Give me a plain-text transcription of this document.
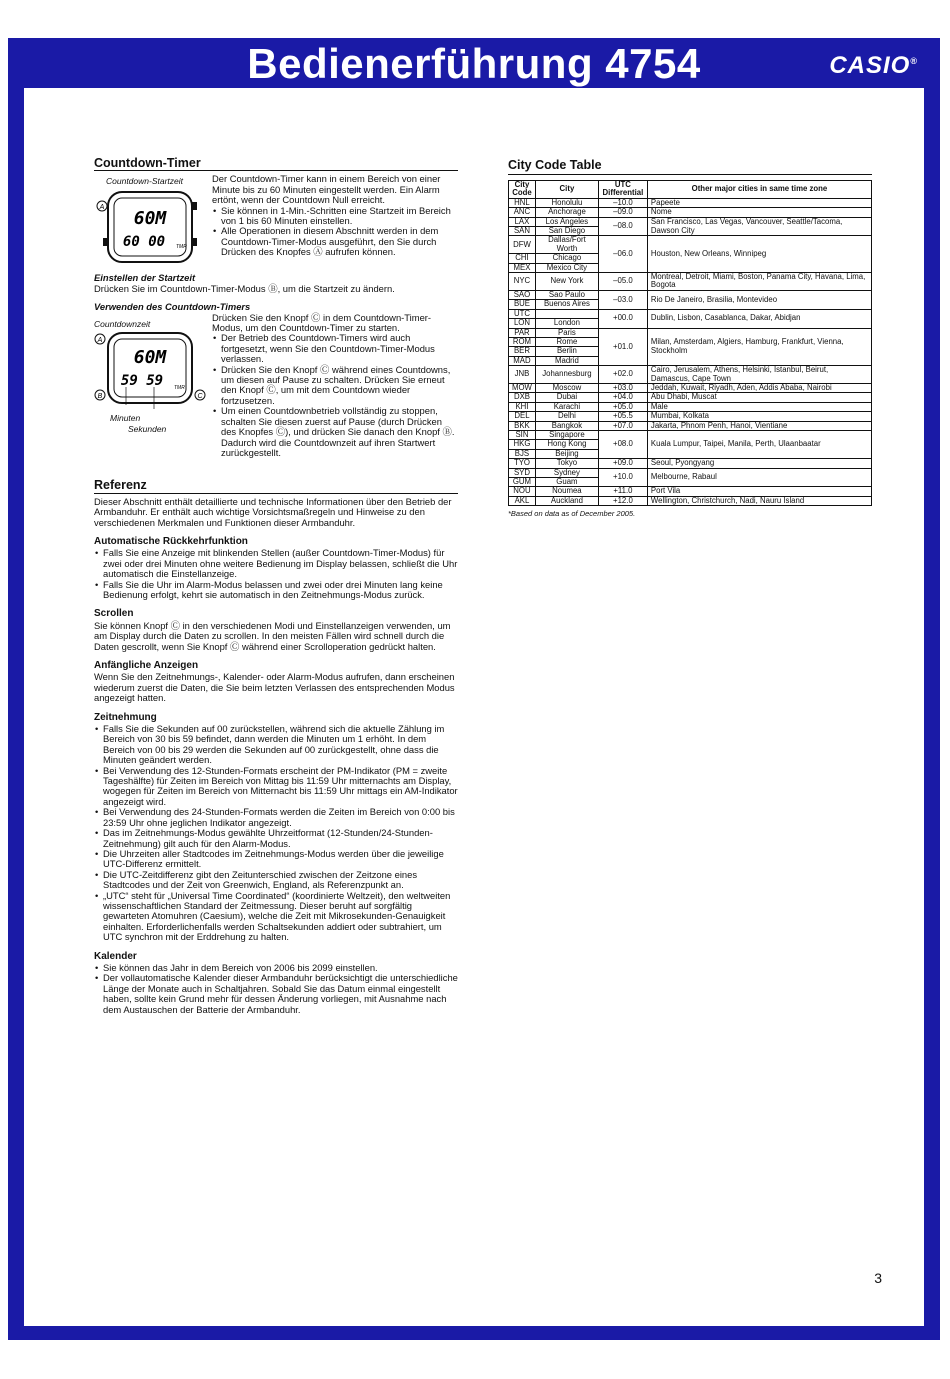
Bedienerführung 4754	CASIO®
Countdown-Timer
Countdown-Startzeit
A
60M
60 00 TMR

Der Countdown-Timer kann in einem Bereich von einer Minute bis zu 60 Minuten eingestellt werden. Ein Alarm ertönt, wenn der Countdown Null erreicht.

• Sie können in 1-Min.-Schritten eine Startzeit im Bereich von 1 bis 60 Minuten einstellen.
• Alle Operationen in diesem Abschnitt werden in dem Countdown-Timer-Modus ausgeführt, den Sie durch Drücken des Knopfes Ⓐ aufrufen können.
Einstellen der Startzeit

Drücken Sie im Countdown-Timer-Modus Ⓑ, um die Startzeit zu ändern.

Verwenden des Countdown-Timers
Countdownzeit
A
B	C
60M
59 59 TMR
Minuten
Sekunden

Drücken Sie den Knopf Ⓒ in dem Countdown-Timer-Modus, um den Countdown-Timer zu starten.

• Der Betrieb des Countdown-Timers wird auch fortgesetzt, wenn Sie den Countdown-Timer-Modus verlassen.
• Drücken Sie den Knopf Ⓒ während eines Countdowns, um diesen auf Pause zu schalten. Drücken Sie erneut den Knopf Ⓒ, um mit dem Countdown wieder fortzusetzen.
• Um einen Countdownbetrieb vollständig zu stoppen, schalten Sie diesen zuerst auf Pause (durch Drücken des Knopfes Ⓒ), und drücken Sie danach den Knopf Ⓑ. Dadurch wird die Countdownzeit auf ihren Startwert zurückgestellt.
Referenz

Dieser Abschnitt enthält detaillierte und technische Informationen über den Betrieb der Armbanduhr. Er enthält auch wichtige Vorsichtsmaßregeln und Hinweise zu den verschiedenen Merkmalen und Funktionen dieser Armbanduhr.

Automatische Rückkehrfunktion
• Falls Sie eine Anzeige mit blinkenden Stellen (außer Countdown-Timer-Modus) für zwei oder drei Minuten ohne weitere Bedienung im Display belassen, schließt die Uhr automatisch die Einstellanzeige.
• Falls Sie die Uhr im Alarm-Modus belassen und zwei oder drei Minuten lang keine Bedienung erfolgt, kehrt sie automatisch in den Zeitnehmungs-Modus zurück.
Scrollen

Sie können Knopf Ⓒ in den verschiedenen Modi und Einstellanzeigen verwenden, um am Display durch die Daten zu scrollen. In den meisten Fällen wird schnell durch die Daten gescrollt, wenn Sie Knopf Ⓒ während einer Scrolloperation gedrückt halten.

Anfängliche Anzeigen

Wenn Sie den Zeitnehmungs-, Kalender- oder Alarm-Modus aufrufen, dann erscheinen wiederum zuerst die Daten, die Sie beim letzten Verlassen des entsprechenden Modus angezeigt hatten.

Zeitnehmung
• Falls Sie die Sekunden auf 00 zurückstellen, während sich die aktuelle Zählung im Bereich von 30 bis 59 befindet, dann werden die Minuten um 1 erhöht. In dem Bereich von 00 bis 29 werden die Sekunden auf 00 zurückgestellt, ohne dass die Minuten geändert werden.
• Bei Verwendung des 12-Stunden-Formats erscheint der PM-Indikator (PM = zweite Tageshälfte) für Zeiten im Bereich von Mittag bis 11:59 Uhr mitternachts am Display, wogegen für Zeiten im Bereich von Mitternacht bis 11:59 Uhr mittags ein AM-Indikator angezeigt wird.
• Bei Verwendung des 24-Stunden-Formats werden die Zeiten im Bereich von 0:00 bis 23:59 Uhr ohne jeglichen Indikator angezeigt.
• Das im Zeitnehmungs-Modus gewählte Uhrzeitformat (12-Stunden/24-Stunden-Zeitnehmung) gilt auch für den Alarm-Modus.
• Die Uhrzeiten aller Stadtcodes im Zeitnehmungs-Modus werden über die jeweilige UTC-Differenz ermittelt.
• Die UTC-Zeitdifferenz gibt den Zeitunterschied zwischen der Zeitzone eines Stadtcodes und der Zeit von Greenwich, England, als Referenzpunkt an.
• „UTC“ steht für „Universal Time Coordinated“ (koordinierte Weltzeit), den weltweiten wissenschaftlichen Standard der Zeitmessung. Dieser beruht auf sorgfältig gewarteten Atomuhren (Caesium), welche die Zeit mit Mikrosekunden-Genauigkeit einhalten. Erforderlichenfalls werden Schaltsekunden addiert oder subtrahiert, um UTC synchron mit der Erddrehung zu halten.
Kalender
• Sie können das Jahr in dem Bereich von 2006 bis 2099 einstellen.
• Der vollautomatische Kalender dieser Armbanduhr berücksichtigt die unterschiedliche Länge der Monate auch in Schaltjahren. Sobald Sie das Datum einmal eingestellt haben, sollte kein Grund mehr für dessen Änderung vorliegen, mit Ausnahme nach dem Austauschen der Batterie der Armbanduhr.
City Code Table
City Code	City	UTC Differential	Other major cities in same time zone
HNL	Honolulu	–10.0	Papeete
ANC	Anchorage	–09.0	Nome
LAX	Los Angeles	–08.0	San Francisco, Las Vegas, Vancouver, Seattle/Tacoma, Dawson City
SAN	San Diego		
DFW	Dallas/Fort Worth	–06.0	Houston, New Orleans, Winnipeg
CHI	Chicago		
MEX	Mexico City		
NYC	New York	–05.0	Montreal, Detroit, Miami, Boston, Panama City, Havana, Lima, Bogota
SAO	Sao Paulo	–03.0	Rio De Janeiro, Brasilia, Montevideo
BUE	Buenos Aires		
UTC		+00.0	Dublin, Lisbon, Casablanca, Dakar, Abidjan
LON	London		
PAR	Paris	+01.0	Milan, Amsterdam, Algiers, Hamburg, Frankfurt, Vienna, Stockholm
ROM	Rome		
BER	Berlin		
MAD	Madrid		
JNB	Johannesburg	+02.0	Cairo, Jerusalem, Athens, Helsinki, Istanbul, Beirut, Damascus, Cape Town
MOW	Moscow	+03.0	Jeddah, Kuwait, Riyadh, Aden, Addis Ababa, Nairobi
DXB	Dubai	+04.0	Abu Dhabi, Muscat
KHI	Karachi	+05.0	Male
DEL	Delhi	+05.5	Mumbai, Kolkata
BKK	Bangkok	+07.0	Jakarta, Phnom Penh, Hanoi, Vientiane
SIN	Singapore	+08.0	Kuala Lumpur, Taipei, Manila, Perth, Ulaanbaatar
HKG	Hong Kong		
BJS	Beijing		
TYO	Tokyo	+09.0	Seoul, Pyongyang
SYD	Sydney	+10.0	Melbourne, Rabaul
GUM	Guam		
NOU	Noumea	+11.0	Port Vila
AKL	Auckland	+12.0	Wellington, Christchurch, Nadi, Nauru Island
*Based on data as of December 2005.
3
